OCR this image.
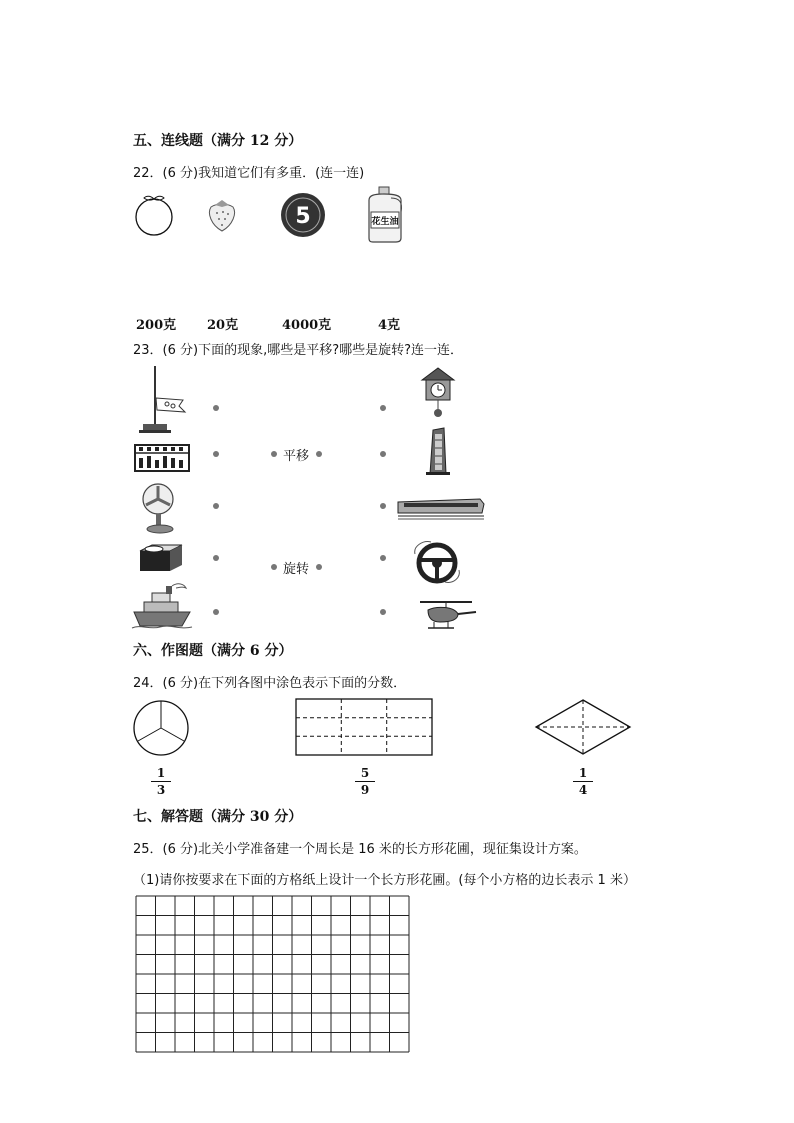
五、连线题（满分 12 分）
22．(6 分)我知道它们有多重．(连一连)
5	花生油
200克 20克	4000克	4克
23．(6 分)下面的现象,哪些是平移?哪些是旋转?连一连．
平移
旋转
六、作图题（满分 6 分）
24．(6 分)在下列各图中涂色表示下面的分数．
1
3
5
9
1
4
七、解答题（满分 30 分）
25．(6 分)北关小学准备建一个周长是 16 米的长方形花圃，现征集设计方案。
（1)请你按要求在下面的方格纸上设计一个长方形花圃。(每个小方格的边长表示 1 米）
